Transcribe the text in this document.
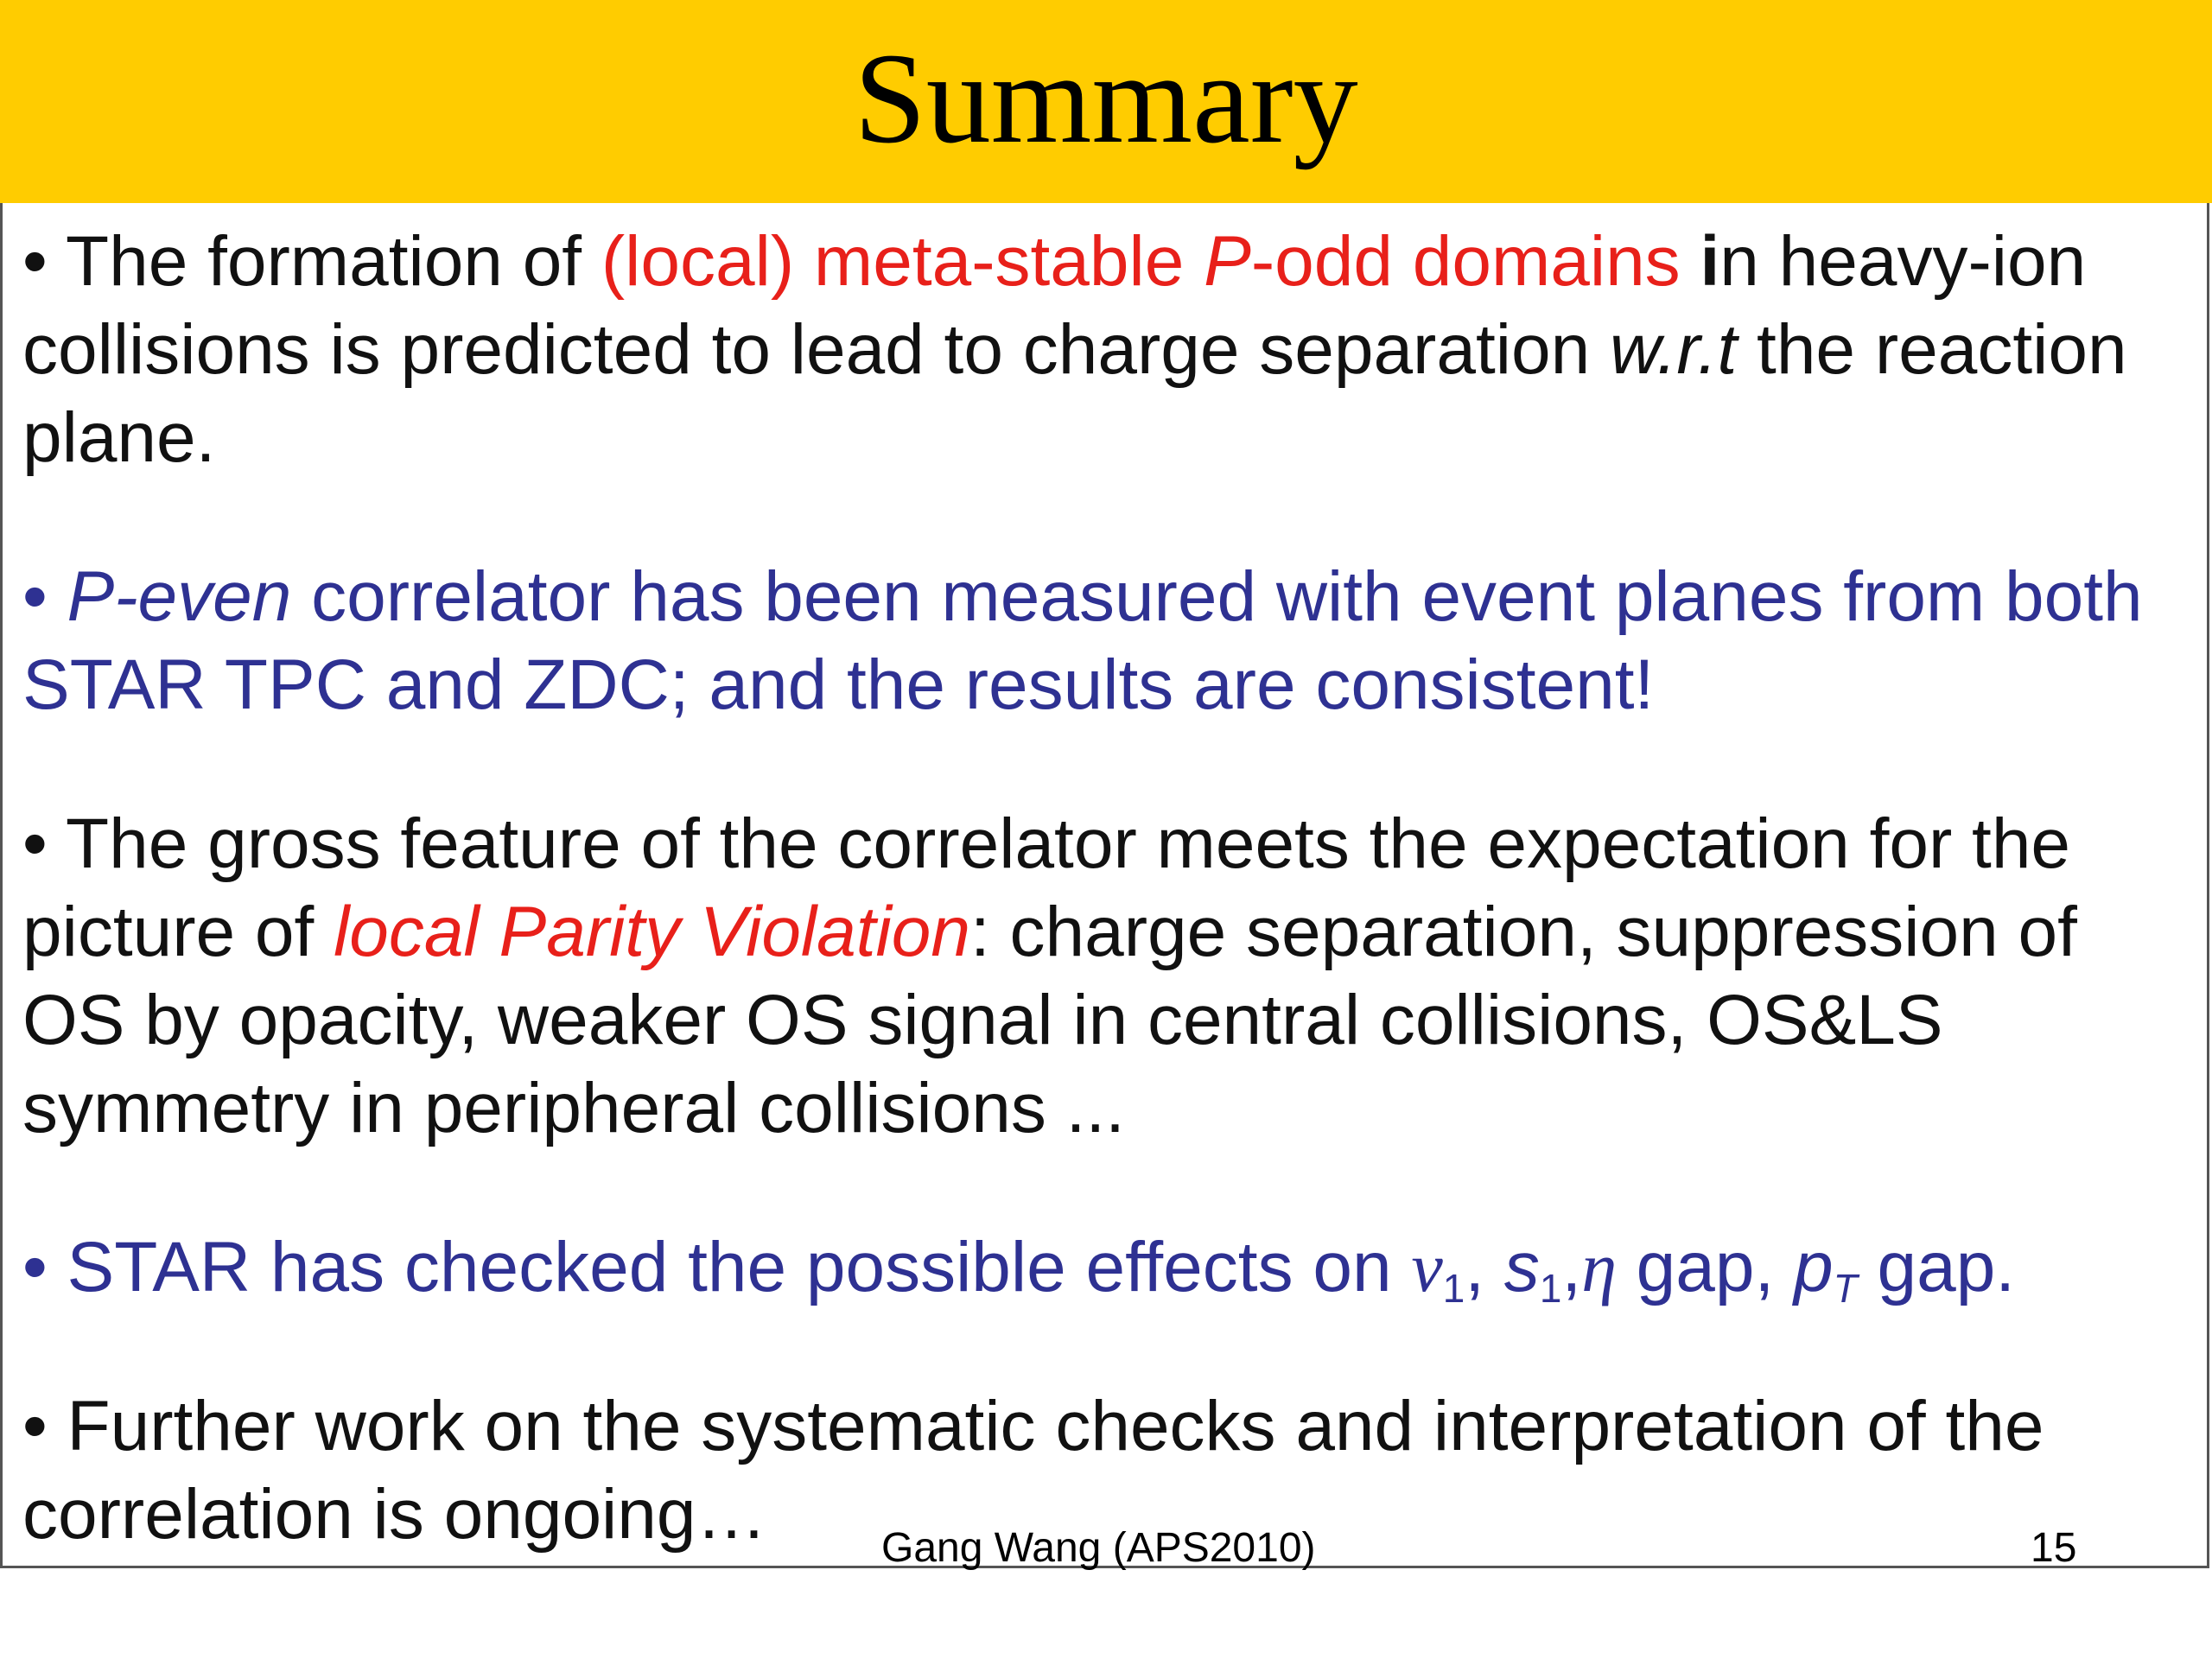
Summary

• The formation of (local) meta-stable P-odd domains in heavy-ion collisions is predicted to lead to charge separation w.r.t the reaction plane.

• P-even correlator has been measured with event planes from both STAR TPC and ZDC; and the results are consistent!

• The gross feature of the correlator meets the expectation for the picture of local Parity Violation: charge separation, suppression of OS by opacity, weaker OS signal in central collisions, OS&LS symmetry in peripheral collisions ...

• STAR has checked the possible effects on $v_1$, $s_1,\eta$ gap, $p_T$ gap.

• Further work on the systematic checks and interpretation of the correlation is ongoing…	Gang Wang (APS2010)	15
